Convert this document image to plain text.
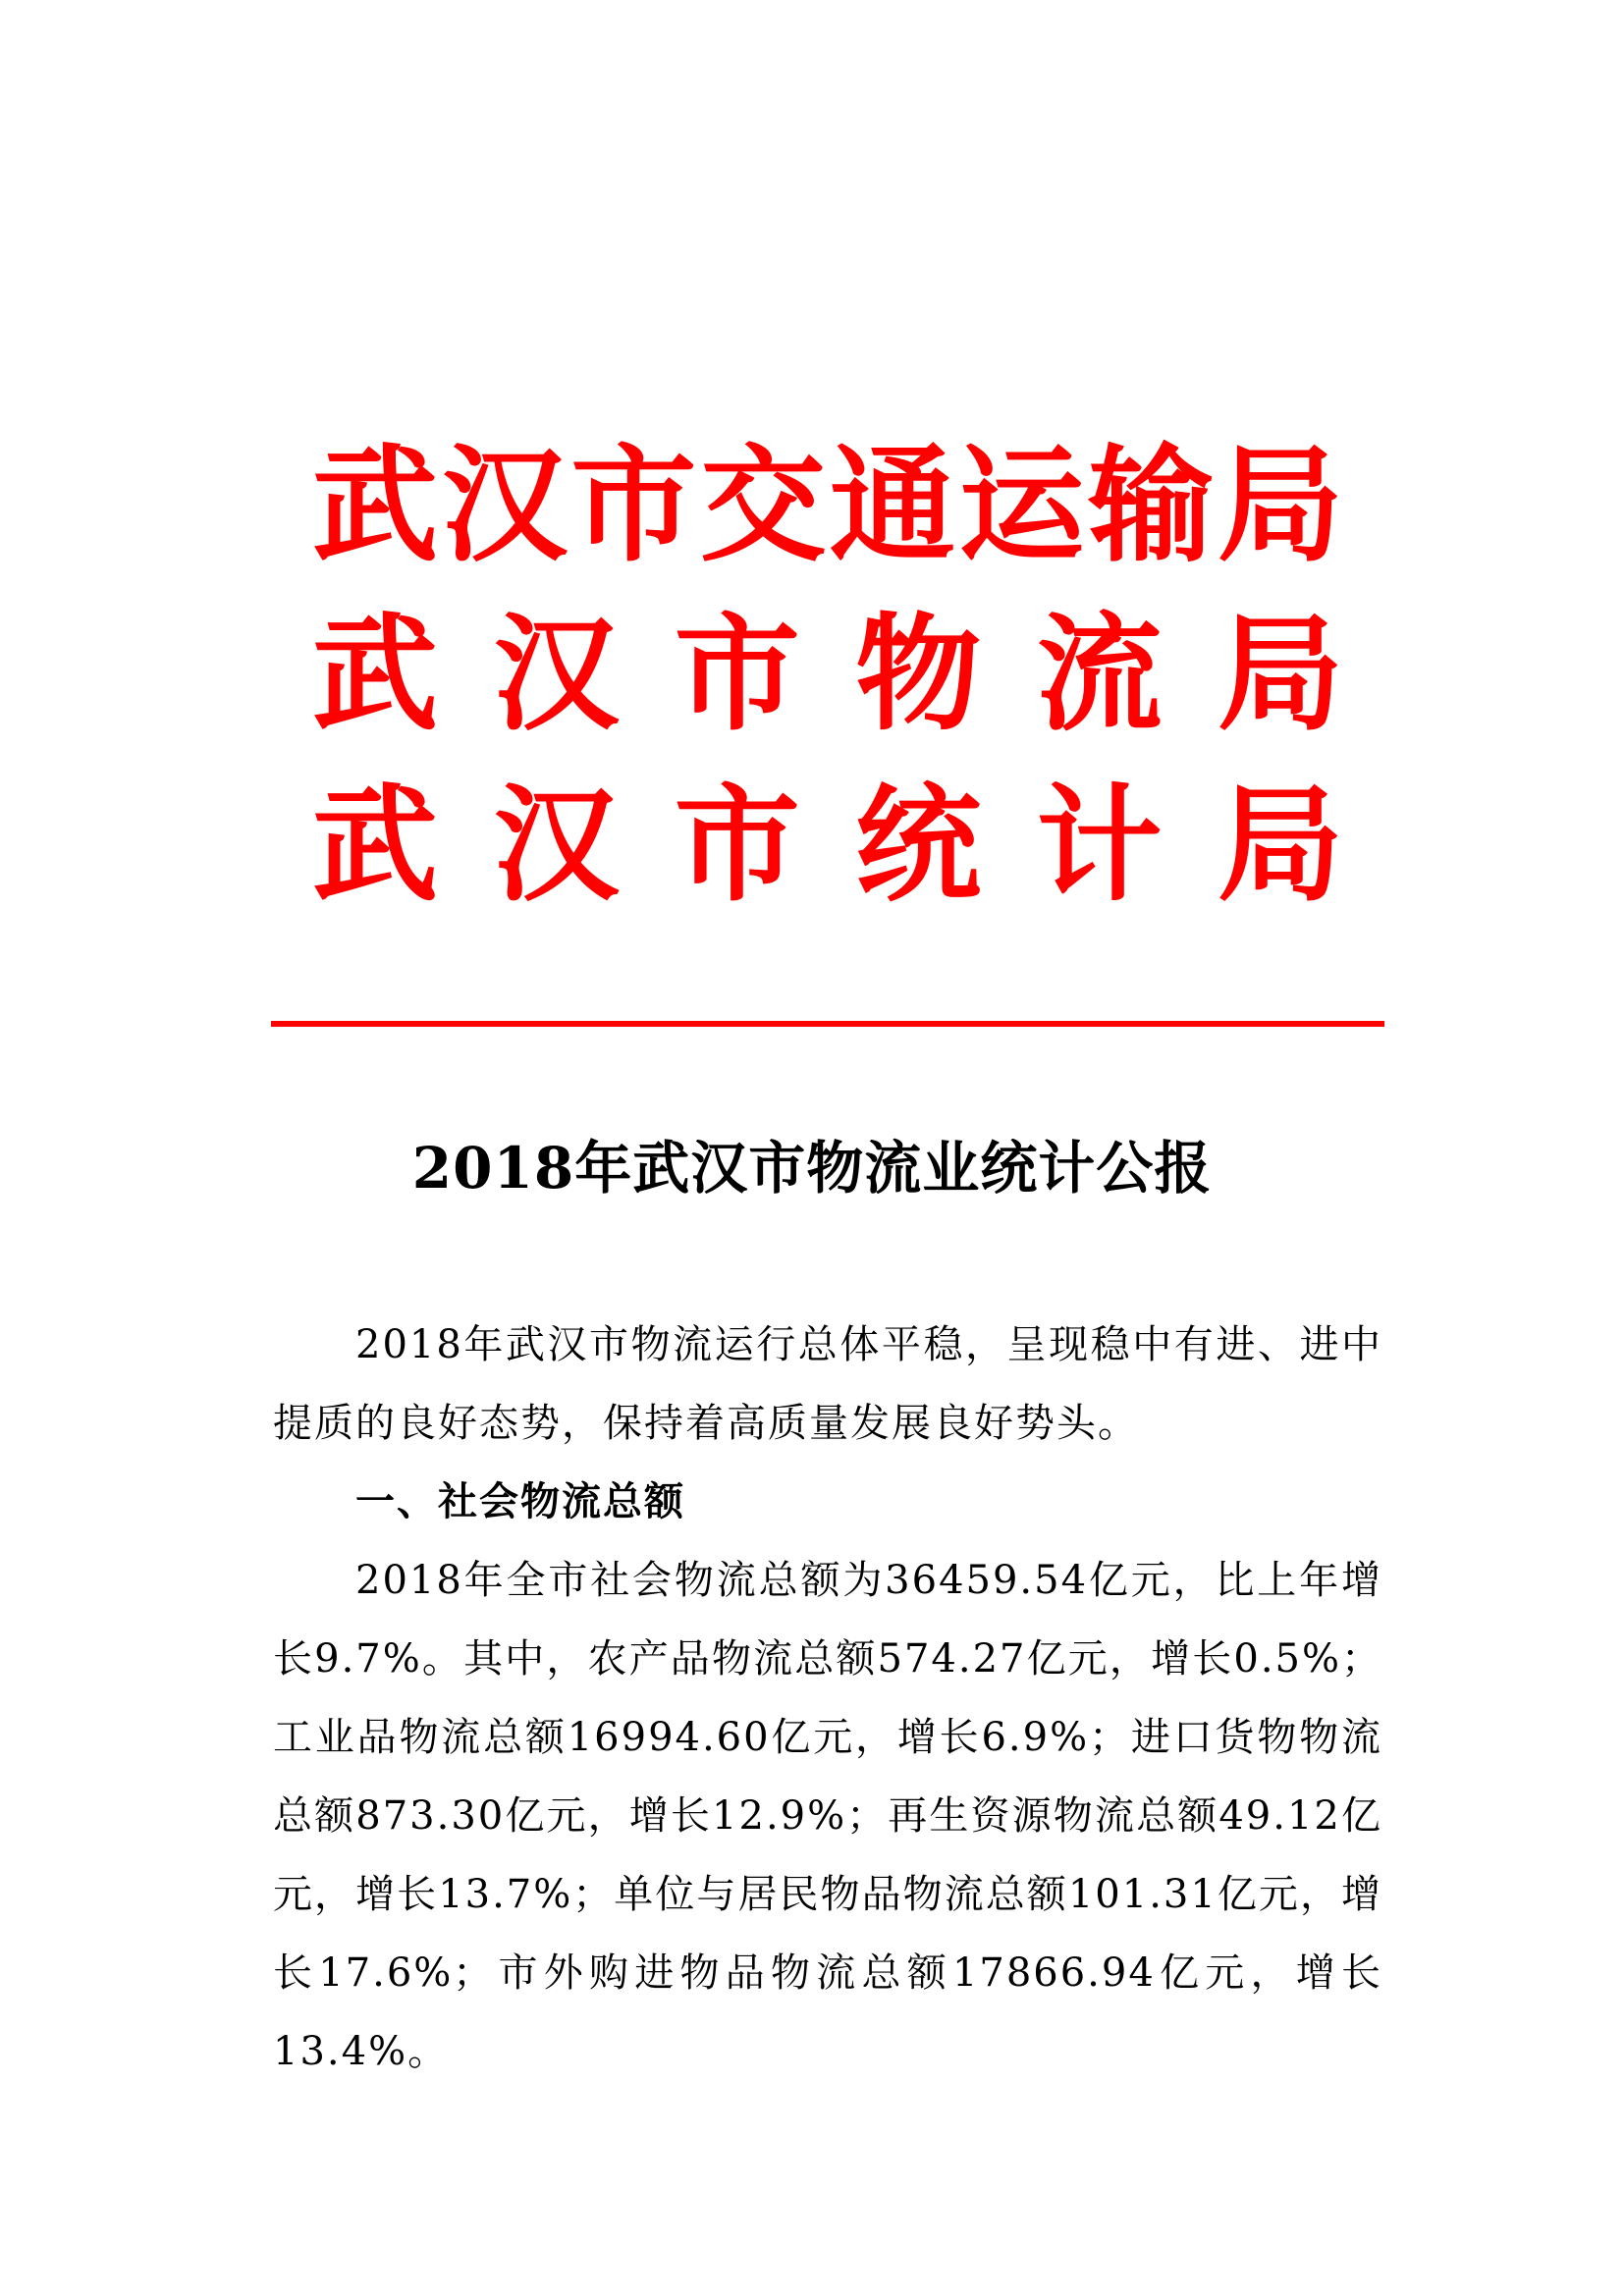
武 汉 市 交 通 运 输 局
武 汉 市 物 流 局
武 汉 市 统 计 局
2018年武汉市物流业统计公报

2018年武汉市物流运行总体平稳，呈现稳中有进、进中提质的良好态势，保持着高质量发展良好势头。

一、社会物流总额

2018年全市社会物流总额为36459.54亿元，比上年增长9.7%。其中，农产品物流总额574.27亿元，增长0.5%；工业品物流总额16994.60亿元，增长6.9%；进口货物物流总额873.30亿元，增长12.9%；再生资源物流总额49.12亿元，增长13.7%；单位与居民物品物流总额101.31亿元，增长17.6%；市外购进物品物流总额17866.94亿元，增长13.4%。
